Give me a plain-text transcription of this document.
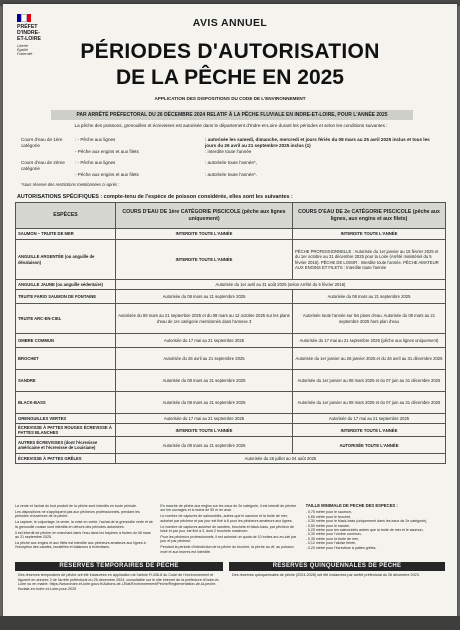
PRÉFET
D'INDRE-
ET-LOIRE
Liberté
Égalité
Fraternité
AVIS ANNUEL
PÉRIODES D'AUTORISATION
DE LA PÊCHE EN 2025
APPLICATION DES DISPOSITIONS DU CODE DE L'ENVIRONNEMENT
PAR ARRÊTÉ PRÉFECTORAL DU 26 DÉCEMBRE 2024 RELATIF À LA PÊCHE FLUVIALE EN INDRE-ET-LOIRE, POUR L'ANNÉE 2025
La pêche des poissons, grenouilles et écrevisses est autorisée dans le département d'Indre-et-Loire durant les périodes et selon les conditions suivantes :
Cours d'eau de 1ère catégorie
: - Pêche aux lignes	: autorisée les samedi, dimanche, mercredi et jours fériés du 08 mars au 25 avril 2025 inclus et tous les jours du 26 avril au 21 septembre 2025 inclus (1)
- Pêche aux engins et aux filets	: interdite toute l'année
Cours d'eau de 2ème catégorie
: - Pêche aux lignes	: autorisée toute l'année*,
- Pêche aux engins et aux filets	: autorisée toute l'année*.
*sous réserve des restrictions mentionnées ci-après :
AUTORISATIONS SPÉCIFIQUES : compte-tenu de l'espèce de poisson considérée, elles sont les suivantes :
ESPÈCES	COURS D'EAU DE 1ère CATÉGORIE PISCICOLE (pêche aux lignes uniquement)	COURS D'EAU DE 2e CATÉGORIE PISCICOLE (pêche aux lignes, aux engins et aux filets)
SAUMON – TRUITE DE MER	INTERDITE TOUTE L'ANNÉE	INTERDITE TOUTE L'ANNÉE
ANGUILLE ARGENTÉE (ou anguille de dévalaison)	INTERDITE TOUTE L'ANNÉE	PÊCHE PROFESSIONNELLE : Autorisée du 1er janvier au 15 février 2025 et du 1er octobre au 31 décembre 2025 pour la Loire (Arrêté ministériel du 5 février 2016). PÊCHE DE LOISIR : Interdite toute l'année. PÊCHE AMATEUR AUX ENGINS ET FILETS : Interdite toute l'année
ANGUILLE JAUNE (ou anguille sédentaire)	Autorisée du 1er avril au 31 août 2025 (selon Arrêté du 5 février 2016)	
TRUITE FARIO SAUMON DE FONTAINE	Autorisée du 08 mars au 21 septembre 2025	Autorisée du 08 mars au 21 septembre 2025
TRUITE ARC-EN-CIEL	Autorisée du 08 mars au 21 septembre 2025 et du 08 mars au 12 octobre 2025 sur les plans d'eau de 1re catégorie mentionnés dans l'annexe 3	Autorisée toute l'année sur les plans d'eau. Autorisée du 08 mars au 21 septembre 2025 hors plan d'eau
OMBRE COMMUN	Autorisée du 17 mai au 21 septembre 2025	Autorisée du 17 mai au 21 septembre 2025 (pêche aux lignes uniquement)
BROCHET	Autorisée du 26 avril au 21 septembre 2025	Autorisée du 1er janvier au 26 janvier 2025 et du 26 avril au 31 décembre 2025
SANDRE	Autorisée du 08 mars au 21 septembre 2025	Autorisée du 1er janvier au 08 mars 2025 et du 07 juin au 31 décembre 2025
BLACK-BASS	Autorisée du 08 mars au 21 septembre 2025	Autorisée du 1er janvier au 08 mars 2025 et du 07 juin au 31 décembre 2025
GRENOUILLES VERTES	Autorisée du 17 mai au 21 septembre 2025	Autorisée du 17 mai au 21 septembre 2025
ÉCREVISSE À PATTES ROUGES ÉCREVISSE À PATTES BLANCHES	INTERDITE TOUTE L'ANNÉE	INTERDITE TOUTE L'ANNÉE
AUTRES ÉCREVISSES (dont l'écrevisse américaine et l'écrevisse de Louisiane)	Autorisée du 08 mars au 21 septembre 2025	AUTORISÉE TOUTE L'ANNÉE
ÉCREVISSE À PATTES GRÊLES	Autorisée du 26 juillet au 04 août 2025	

La vente et l'achat du tout produit de la pêche sont interdits en toute période.

Les dispositions ne s'appliquent pas aux pêcheurs professionnels, pendant les périodes d'ouverture de la pêche.

La capture, le colportage, la vente, la mise en vente, l'achat de la grenouille verte et de la grenouille rousse sont interdits en dehors des périodes autorisées.

Il est interdit de pêcher en marchant dans l'eau dans les frayères à truites du 08 mars au 21 septembre 2025.

La pêche aux engins et aux filets est interdite aux pêcheurs amateurs aux lignes à l'exception des carafes, bouteilles et balances à écrevisses.

En marche de pêche aux engins sur les eaux de 2e catégorie, il est interdit de pêcher sur les ouvrages et à moins de 50 m en aval.

Le nombre de captures de salmonidés, autres que le saumon et la truite de mer, autorisé par pêcheur et par jour est fixé à 6 pour les pêcheurs amateurs aux lignes.

Le nombre de captures autorisé de sandres, brochets et black-bass, par pêcheur de loisir et par jour, est fixé à 3, dont 2 brochets maximum.

Pour les pêcheurs professionnels, il est autorisé un quota de 10 truites arc-en-ciel par jour et par pêcheur.

Pendant la période d'interdiction de la pêche du brochet, la pêche au vif, au poisson mort et aux leurres est interdite.

TAILLE MINIMALE DE PÊCHE DES ESPÈCES :
- 0,75 mètre pour le saumon,
- 0,60 mètre pour le brochet,
- 0,30 mètre pour le black-bass (uniquement dans les eaux de 2e catégorie),
- 0,50 mètre pour le sandre,
- 0,25 mètre pour les salmonidés autres que la truite de mer et le saumon,
- 0,30 mètre pour l'ombre commun,
- 0,35 mètre pour la truite de mer,
- 0,12 mètre pour l'aloïse feinte,
- 0,20 mètre pour l'écrevisse à pattes grêles.
RÉSERVES TEMPORAIRES DE PÊCHE
Des réserves temporaires de pêche ont été instaurées en application de l'article R.436-8 du Code de l'environnement et figurent en annexe 2 de l'arrêté préfectoral du 26 décembre 2024, consultable sur le site internet de la préfecture d'Indre-et-Loire ou en mairie. https://www.indre-et-loire.gouv.fr/Actions-de-l-Etat/Environnement/Peche/Reglementation-de-la-peche-fluviale-en-Indre-et-Loire-pour-2025
RÉSERVES QUINQUENNALES DE PÊCHE
Des réserves quinquennales de pêche (2024-2028) ont été instaurées par arrêté préfectoral du 26 décembre 2023.
